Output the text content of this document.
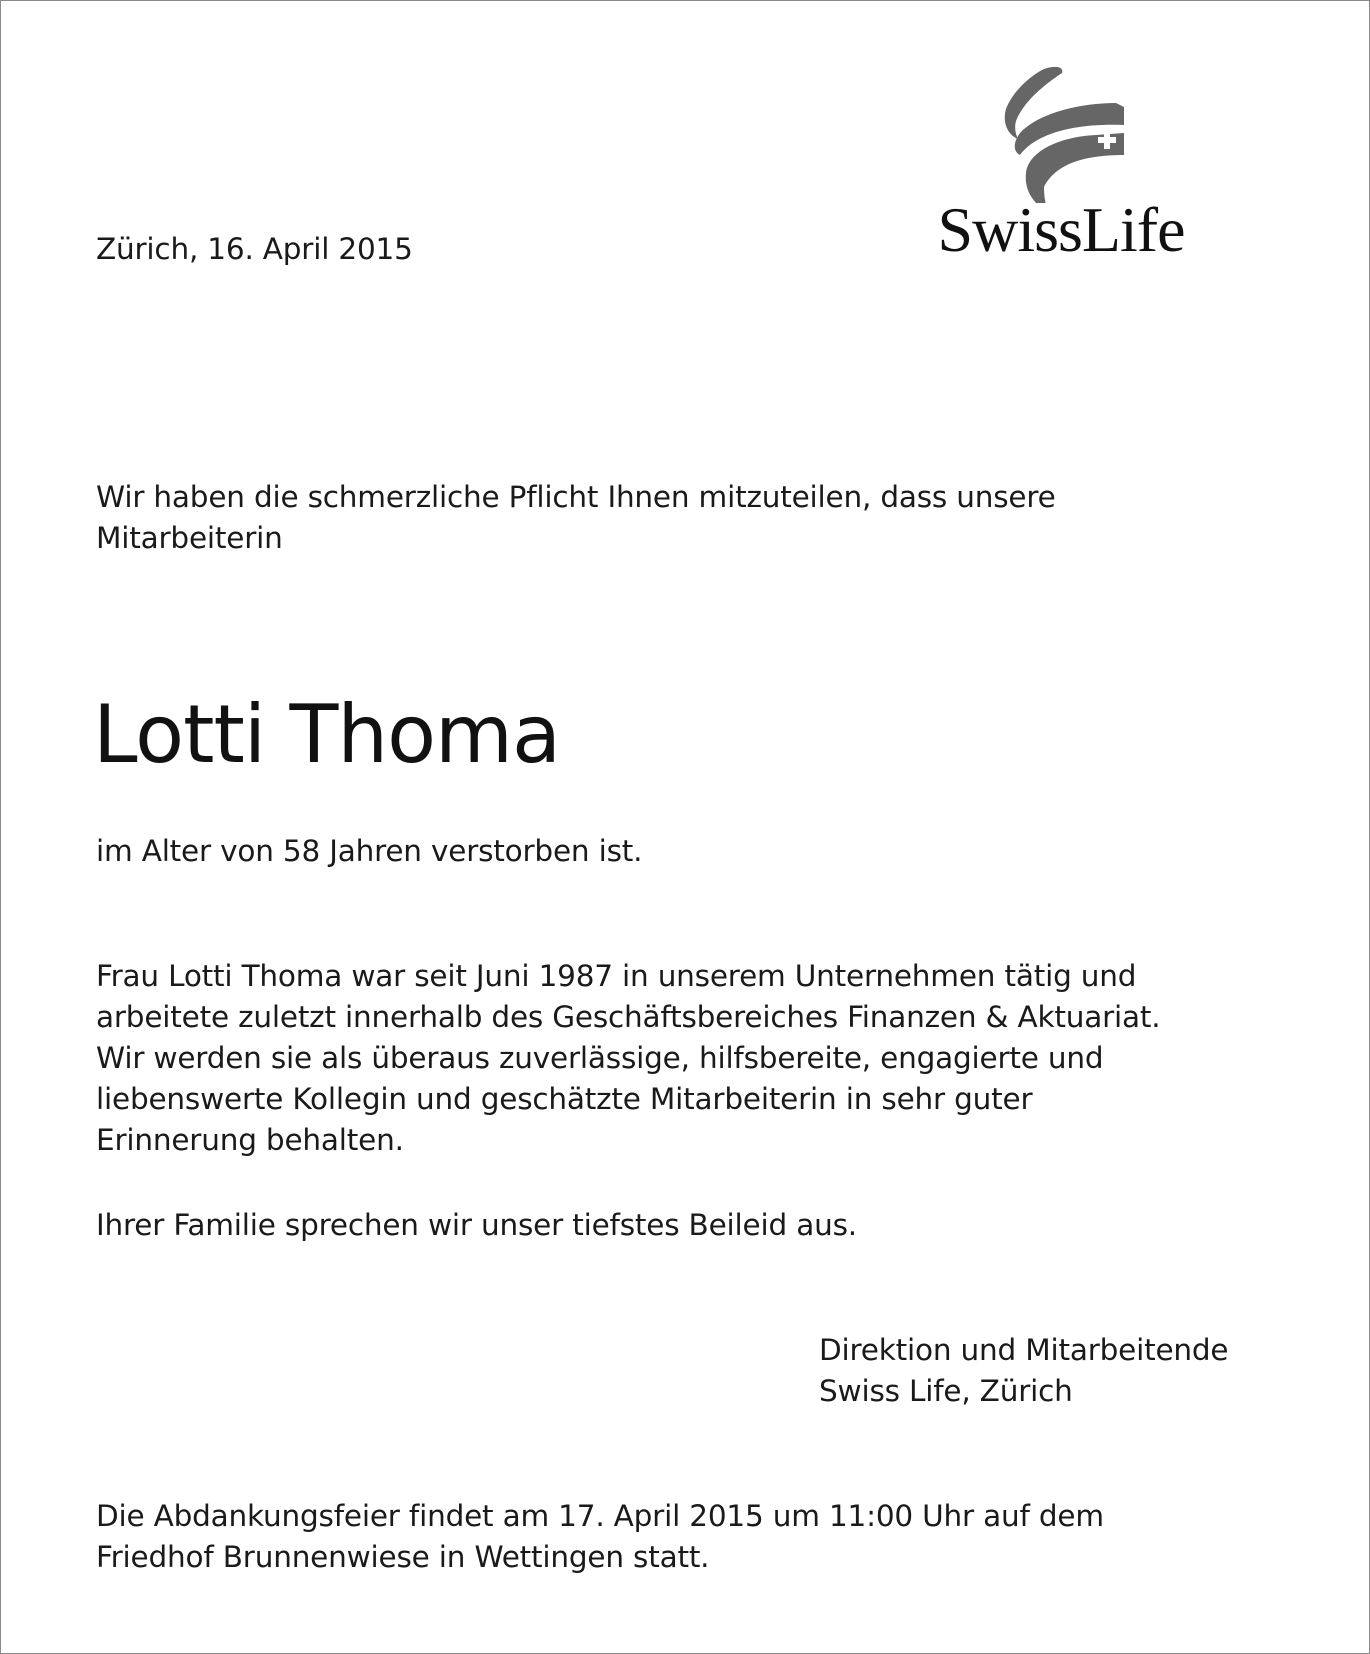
SwissLife
Zürich, 16. April 2015
Wir haben die schmerzliche Pflicht Ihnen mitzuteilen, dass unsere
Mitarbeiterin
Lotti Thoma
im Alter von 58 Jahren verstorben ist.
Frau Lotti Thoma war seit Juni 1987 in unserem Unternehmen tätig und
arbeitete zuletzt innerhalb des Geschäftsbereiches Finanzen & Aktuariat.
Wir werden sie als überaus zuverlässige, hilfsbereite, engagierte und
liebenswerte Kollegin und geschätzte Mitarbeiterin in sehr guter
Erinnerung behalten.
Ihrer Familie sprechen wir unser tiefstes Beileid aus.
Direktion und Mitarbeitende
Swiss Life, Zürich
Die Abdankungsfeier findet am 17. April 2015 um 11:00 Uhr auf dem
Friedhof Brunnenwiese in Wettingen statt.
